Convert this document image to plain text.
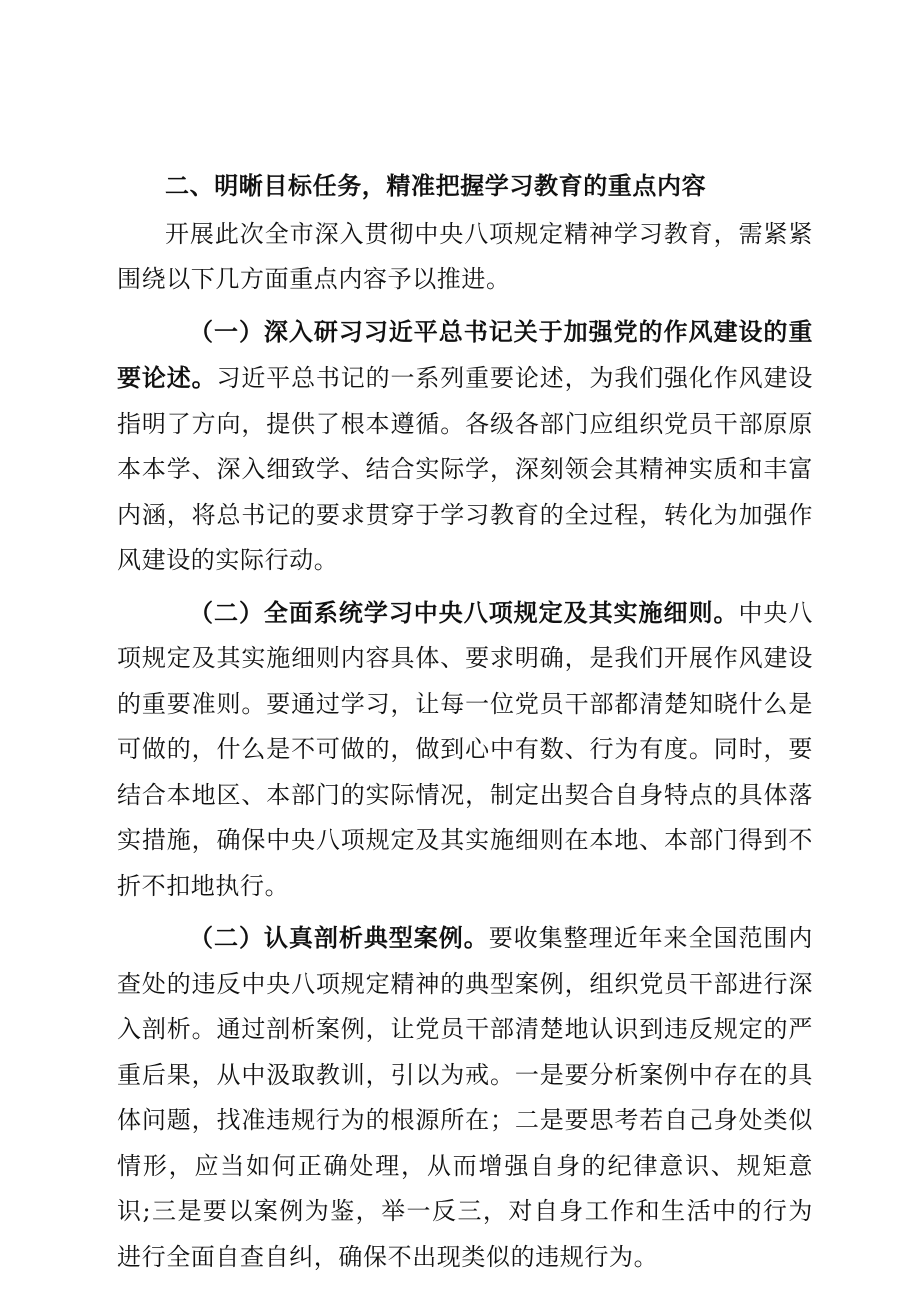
二、明晰目标任务，精准把握学习教育的重点内容

开展此次全市深入贯彻中央八项规定精神学习教育，需紧紧围绕以下几方面重点内容予以推进。

（一）深入研习习近平总书记关于加强党的作风建设的重要论述。习近平总书记的一系列重要论述，为我们强化作风建设指明了方向，提供了根本遵循。各级各部门应组织党员干部原原本本学、深入细致学、结合实际学，深刻领会其精神实质和丰富内涵，将总书记的要求贯穿于学习教育的全过程，转化为加强作风建设的实际行动。

（二）全面系统学习中央八项规定及其实施细则。中央八项规定及其实施细则内容具体、要求明确，是我们开展作风建设的重要准则。要通过学习，让每一位党员干部都清楚知晓什么是可做的，什么是不可做的，做到心中有数、行为有度。同时，要结合本地区、本部门的实际情况，制定出契合自身特点的具体落实措施，确保中央八项规定及其实施细则在本地、本部门得到不折不扣地执行。

（二）认真剖析典型案例。要收集整理近年来全国范围内查处的违反中央八项规定精神的典型案例，组织党员干部进行深入剖析。通过剖析案例，让党员干部清楚地认识到违反规定的严重后果，从中汲取教训，引以为戒。一是要分析案例中存在的具体问题，找准违规行为的根源所在；二是要思考若自己身处类似情形，应当如何正确处理，从而增强自身的纪律意识、规矩意识;三是要以案例为鉴，举一反三，对自身工作和生活中的行为进行全面自查自纠，确保不出现类似的违规行为。
